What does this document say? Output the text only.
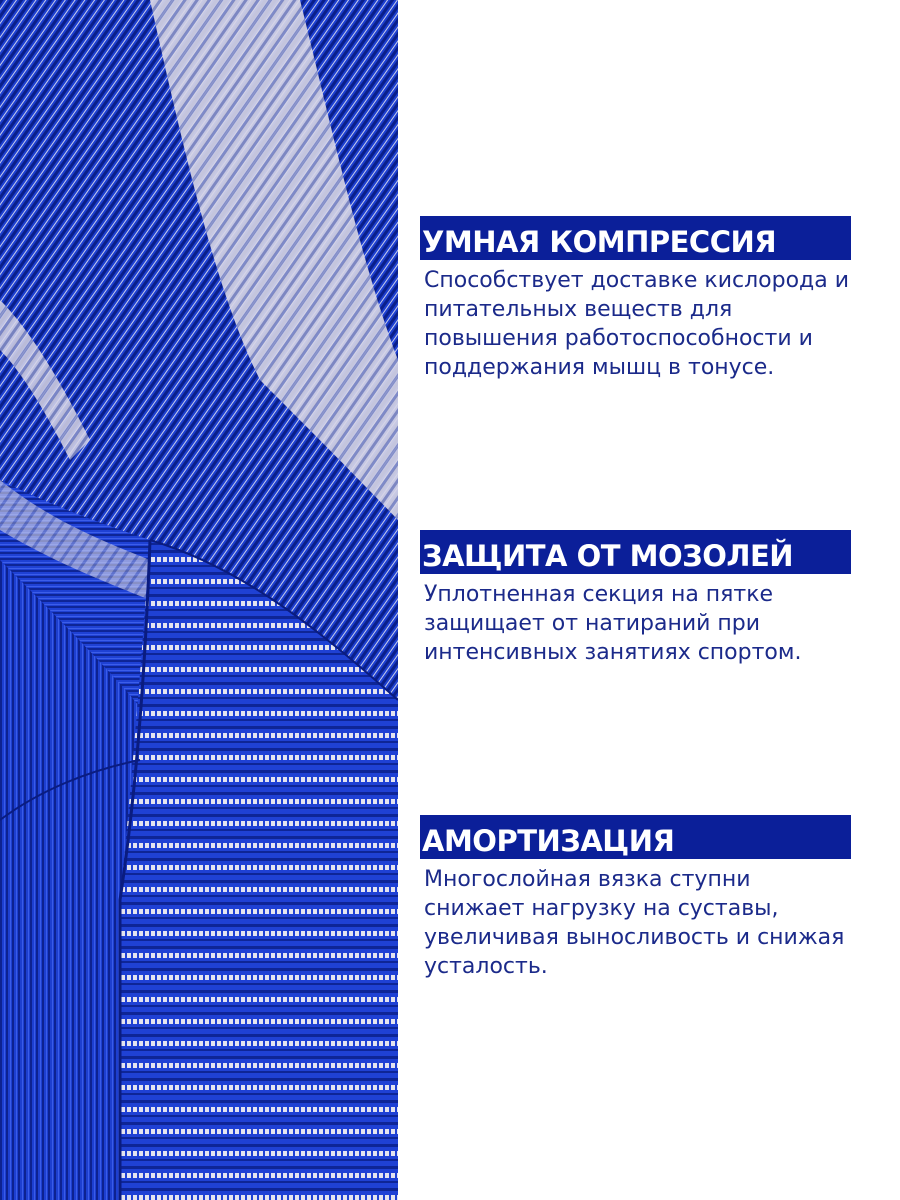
УМНАЯ КОМПРЕССИЯ
Способствует доставке кислорода и питательных веществ для повышения работоспособности и поддержания мышц в тонусе.
ЗАЩИТА ОТ МОЗОЛЕЙ
Уплотненная секция на пятке защищает от натираний при интенсивных занятиях спортом.
АМОРТИЗАЦИЯ
Многослойная вязка ступни снижает нагрузку на суставы, увеличивая выносливость и снижая усталость.
